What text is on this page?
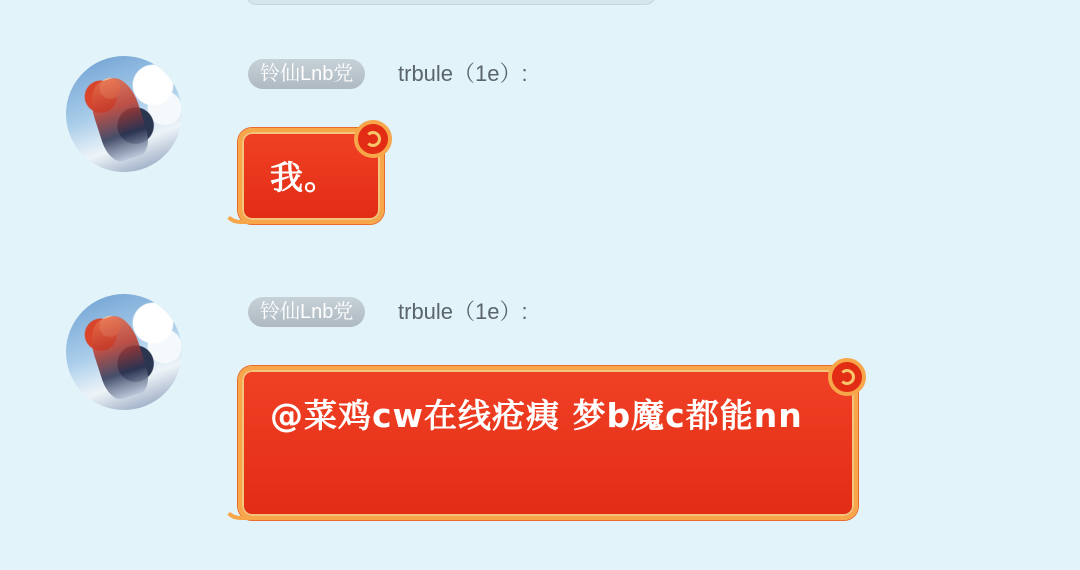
铃仙Lnb党	trbule（1e）:
我。
铃仙Lnb党	trbule（1e）:
@菜鸡cw在线疮痍 梦b魔c都能nn
